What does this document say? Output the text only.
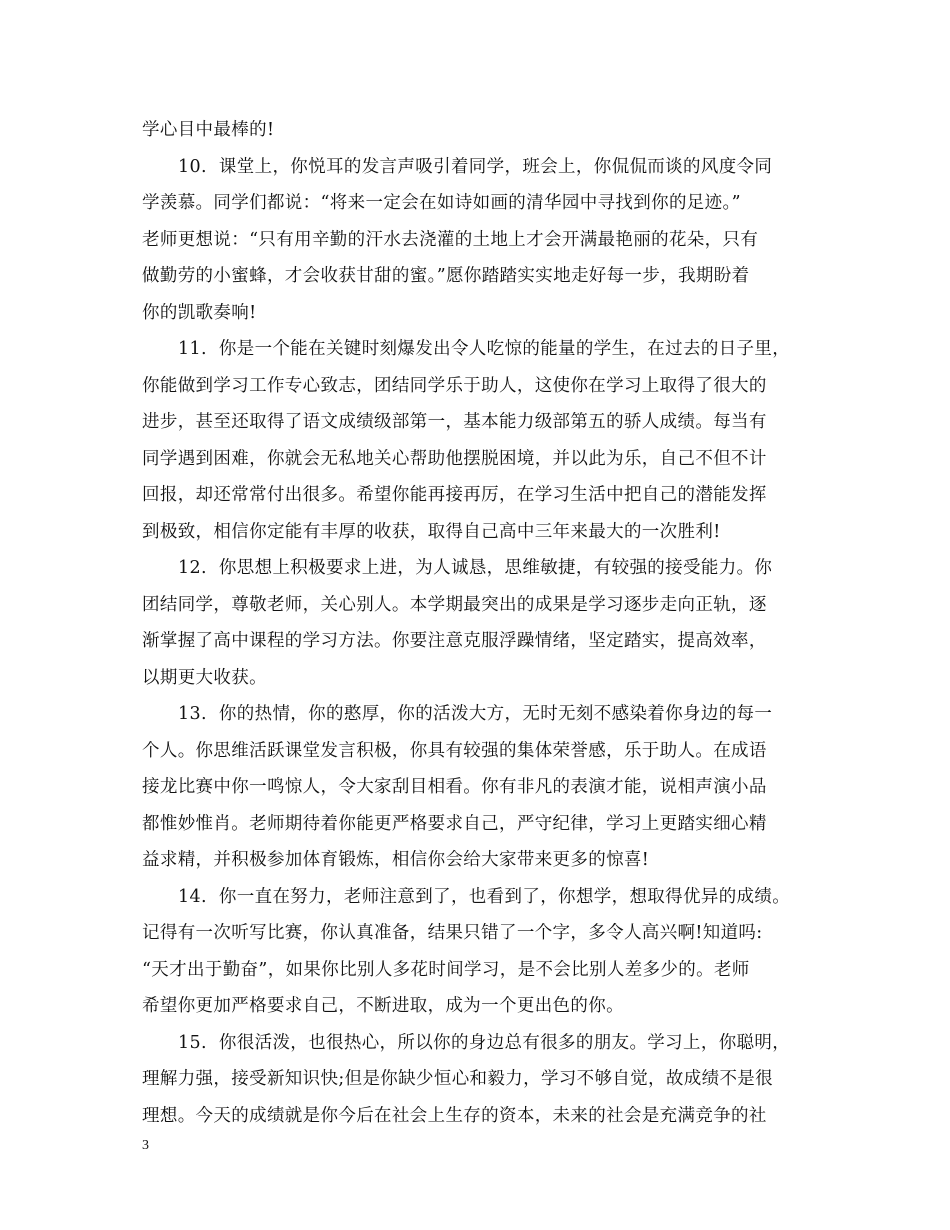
学心目中最棒的!
10. 课堂上，你悦耳的发言声吸引着同学，班会上，你侃侃而谈的风度令同
学羡慕。同学们都说：“将来一定会在如诗如画的清华园中寻找到你的足迹。”
老师更想说：“只有用辛勤的汗水去浇灌的土地上才会开满最艳丽的花朵，只有
做勤劳的小蜜蜂，才会收获甘甜的蜜。”愿你踏踏实实地走好每一步，我期盼着
你的凯歌奏响!
11. 你是一个能在关键时刻爆发出令人吃惊的能量的学生，在过去的日子里，
你能做到学习工作专心致志，团结同学乐于助人，这使你在学习上取得了很大的
进步，甚至还取得了语文成绩级部第一，基本能力级部第五的骄人成绩。每当有
同学遇到困难，你就会无私地关心帮助他摆脱困境，并以此为乐，自己不但不计
回报，却还常常付出很多。希望你能再接再厉，在学习生活中把自己的潜能发挥
到极致，相信你定能有丰厚的收获，取得自己高中三年来最大的一次胜利!
12. 你思想上积极要求上进，为人诚恳，思维敏捷，有较强的接受能力。你
团结同学，尊敬老师，关心别人。本学期最突出的成果是学习逐步走向正轨，逐
渐掌握了高中课程的学习方法。你要注意克服浮躁情绪，坚定踏实，提高效率，
以期更大收获。
13. 你的热情，你的憨厚，你的活泼大方，无时无刻不感染着你身边的每一
个人。你思维活跃课堂发言积极，你具有较强的集体荣誉感，乐于助人。在成语
接龙比赛中你一鸣惊人，令大家刮目相看。你有非凡的表演才能，说相声演小品
都惟妙惟肖。老师期待着你能更严格要求自己，严守纪律，学习上更踏实细心精
益求精，并积极参加体育锻炼，相信你会给大家带来更多的惊喜!
14. 你一直在努力，老师注意到了，也看到了，你想学，想取得优异的成绩。
记得有一次听写比赛，你认真准备，结果只错了一个字，多令人高兴啊!知道吗:
“天才出于勤奋”，如果你比别人多花时间学习，是不会比别人差多少的。老师
希望你更加严格要求自己，不断进取，成为一个更出色的你。
15. 你很活泼，也很热心，所以你的身边总有很多的朋友。学习上，你聪明，
理解力强，接受新知识快;但是你缺少恒心和毅力，学习不够自觉，故成绩不是很
理想。今天的成绩就是你今后在社会上生存的资本，未来的社会是充满竞争的社
3
